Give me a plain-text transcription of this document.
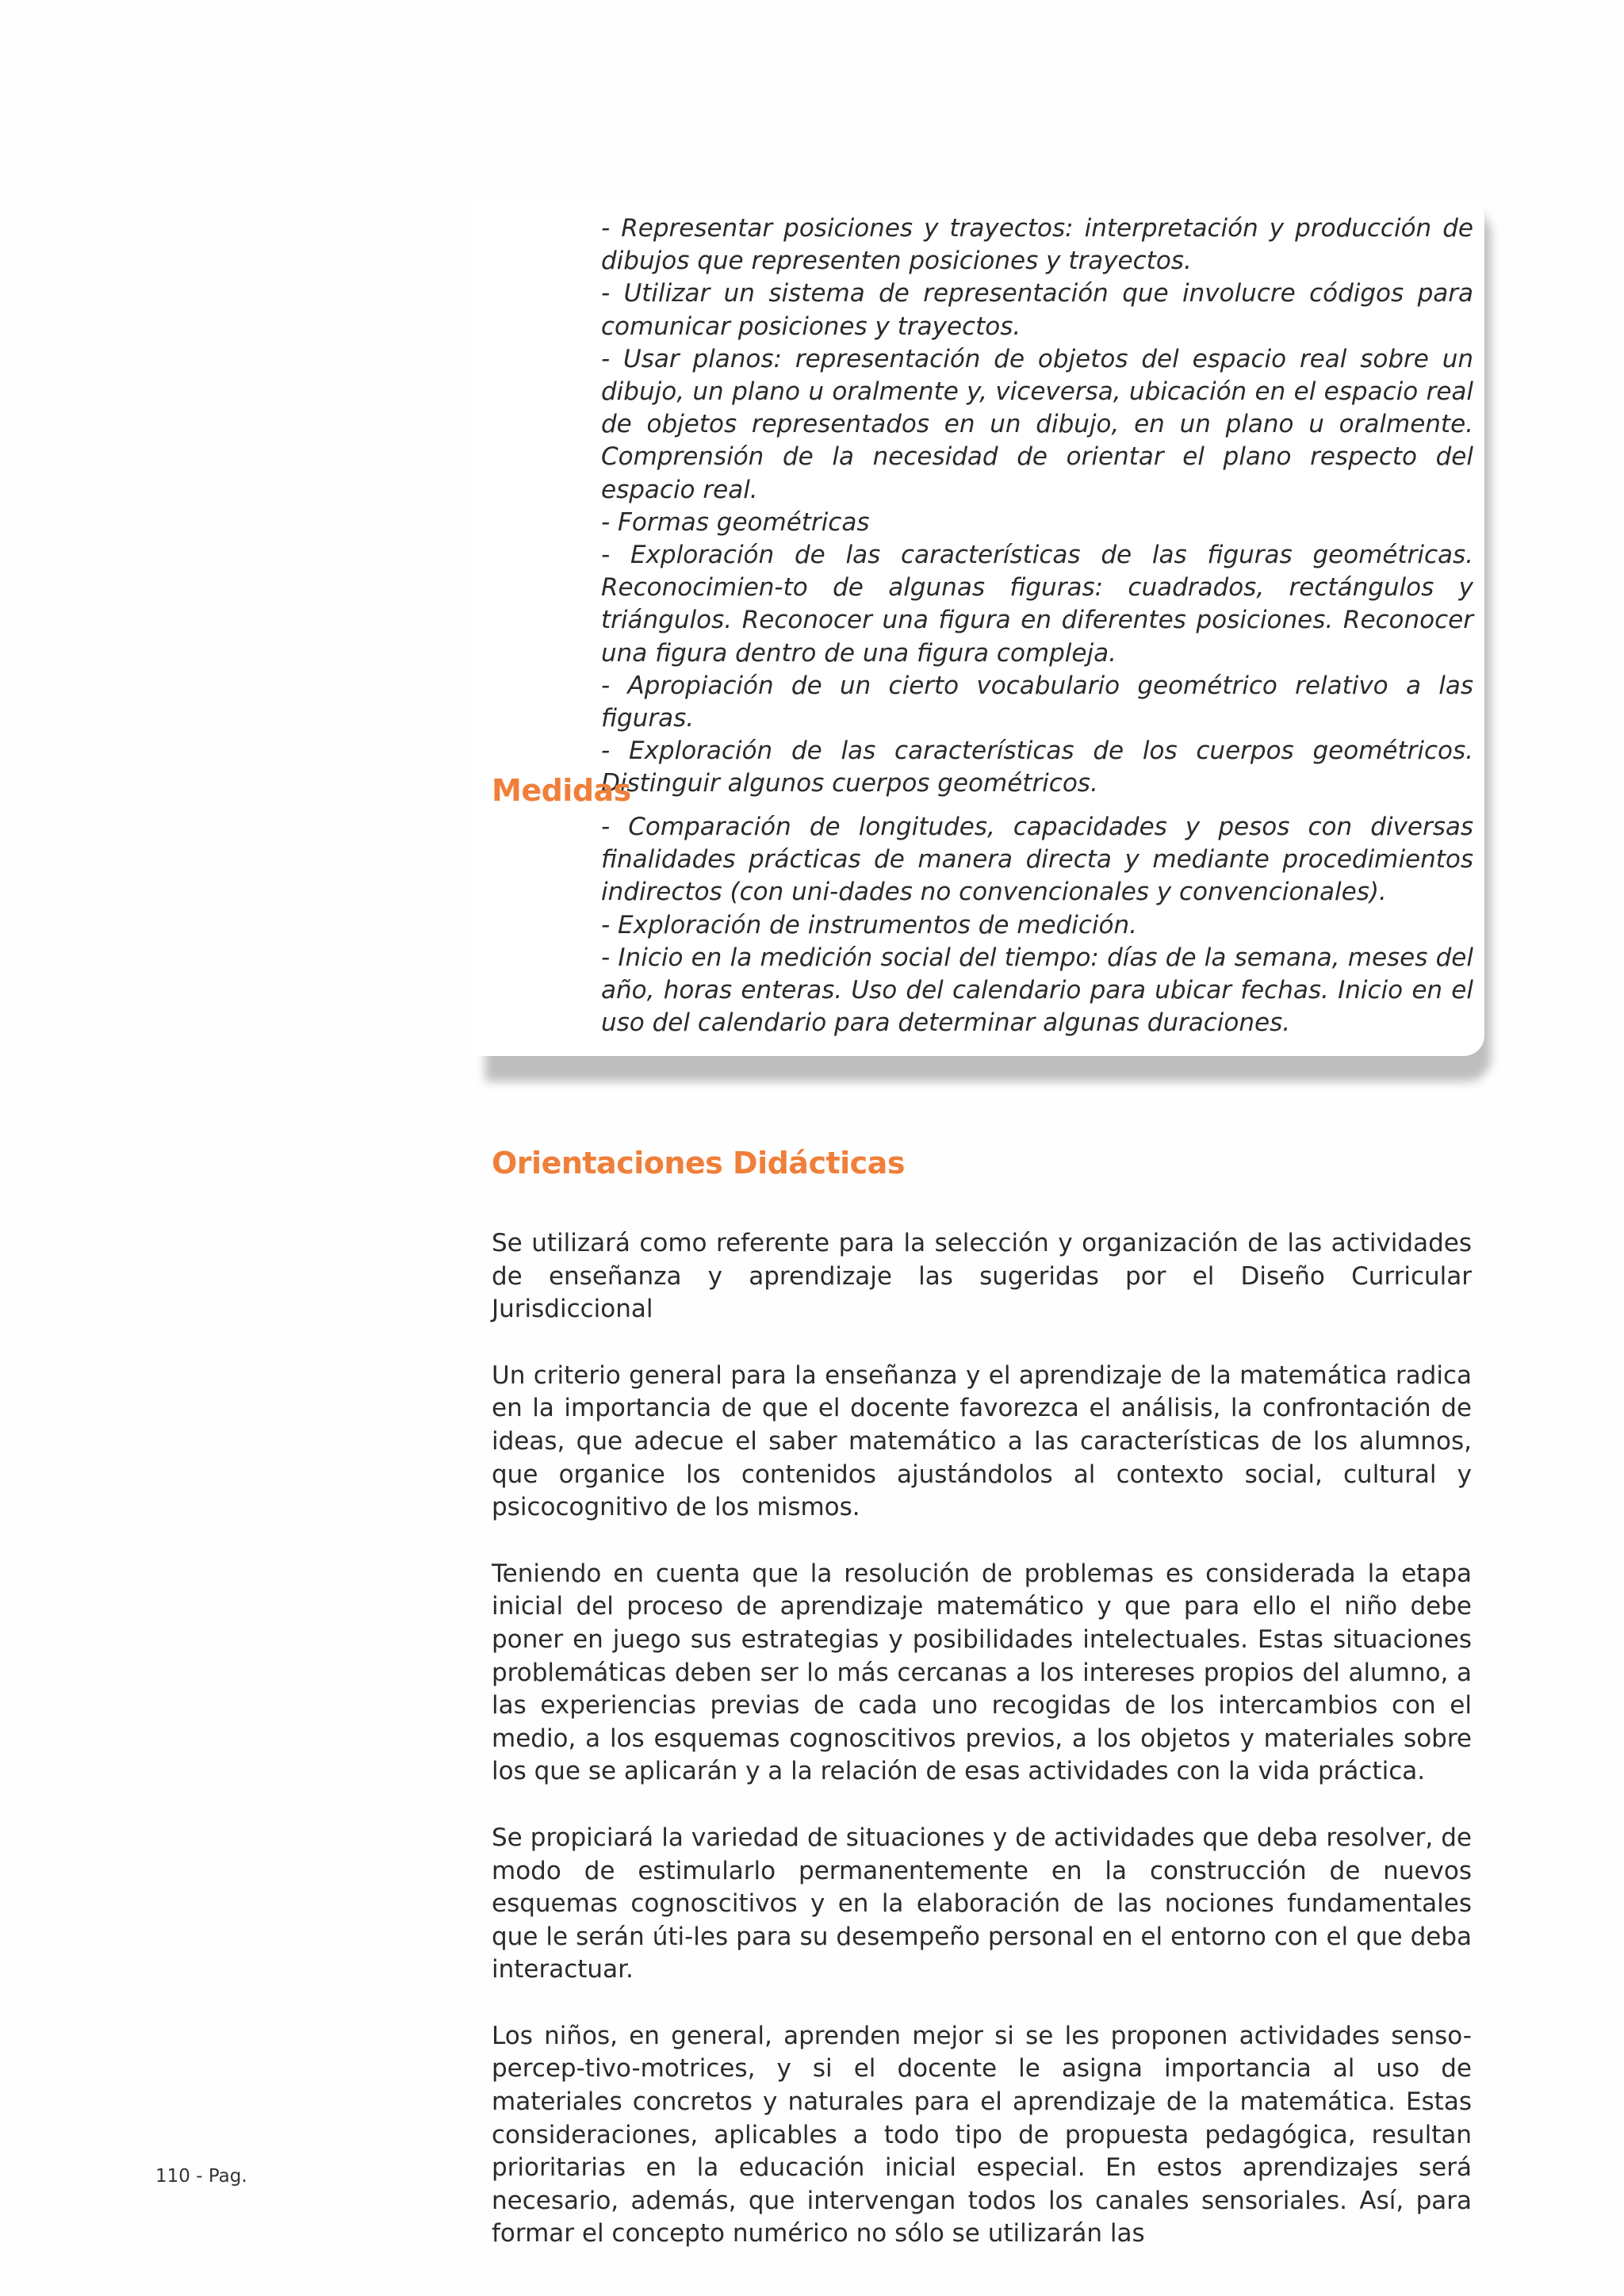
- Representar posiciones y trayectos: interpretación y producción de dibujos que representen posiciones y trayectos.

- Utilizar un sistema de representación que involucre códigos para comunicar posiciones y trayectos.

- Usar planos: representación de objetos del espacio real sobre un dibujo, un plano u oralmente y, viceversa, ubicación en el espacio real de objetos representados en un dibujo, en un plano u oralmente. Comprensión de la necesidad de orientar el plano respecto del espacio real.

- Formas geométricas

- Exploración de las características de las figuras geométricas. Reconocimien-to de algunas figuras: cuadrados, rectángulos y triángulos. Reconocer una figura en diferentes posiciones. Reconocer una figura dentro de una figura compleja.

- Apropiación de un cierto vocabulario geométrico relativo a las figuras.

- Exploración de las características de los cuerpos geométricos. Distinguir algunos cuerpos geométricos.

Medidas

- Comparación de longitudes, capacidades y pesos con diversas finalidades prácticas de manera directa y mediante procedimientos indirectos (con uni-dades no convencionales y convencionales).

- Exploración de instrumentos de medición.

- Inicio en la medición social del tiempo: días de la semana, meses del año, horas enteras. Uso del calendario para ubicar fechas. Inicio en el uso del calendario para determinar algunas duraciones.

Orientaciones Didácticas

Se utilizará como referente para la selección y organización de las actividades de enseñanza y aprendizaje las sugeridas por el Diseño Curricular Jurisdiccional

Un criterio general para la enseñanza y el aprendizaje de la matemática radica en la importancia de que el docente favorezca el análisis, la confrontación de ideas, que adecue el saber matemático a las características de los alumnos, que organice los contenidos ajustándolos al contexto social, cultural y psicocognitivo de los mismos.

Teniendo en cuenta que la resolución de problemas es considerada la etapa inicial del proceso de aprendizaje matemático y que para ello el niño debe poner en juego sus estrategias y posibilidades intelectuales. Estas situaciones problemáticas deben ser lo más cercanas a los intereses propios del alumno, a las experiencias previas de cada uno recogidas de los intercambios con el medio, a los esquemas cognoscitivos previos, a los objetos y materiales sobre los que se aplicarán y a la relación de esas actividades con la vida práctica.

Se propiciará la variedad de situaciones y de actividades que deba resolver, de modo de estimularlo permanentemente en la construcción de nuevos esquemas cognoscitivos y en la elaboración de las nociones fundamentales que le serán úti-les para su desempeño personal en el entorno con el que deba interactuar.

Los niños, en general, aprenden mejor si se les proponen actividades senso-percep-tivo-motrices, y si el docente le asigna importancia al uso de materiales concretos y naturales para el aprendizaje de la matemática. Estas consideraciones, aplicables a todo tipo de propuesta pedagógica, resultan prioritarias en la educación inicial especial. En estos aprendizajes será necesario, además, que intervengan todos los canales sensoriales. Así, para formar el concepto numérico no sólo se utilizarán las

110 - Pag.
